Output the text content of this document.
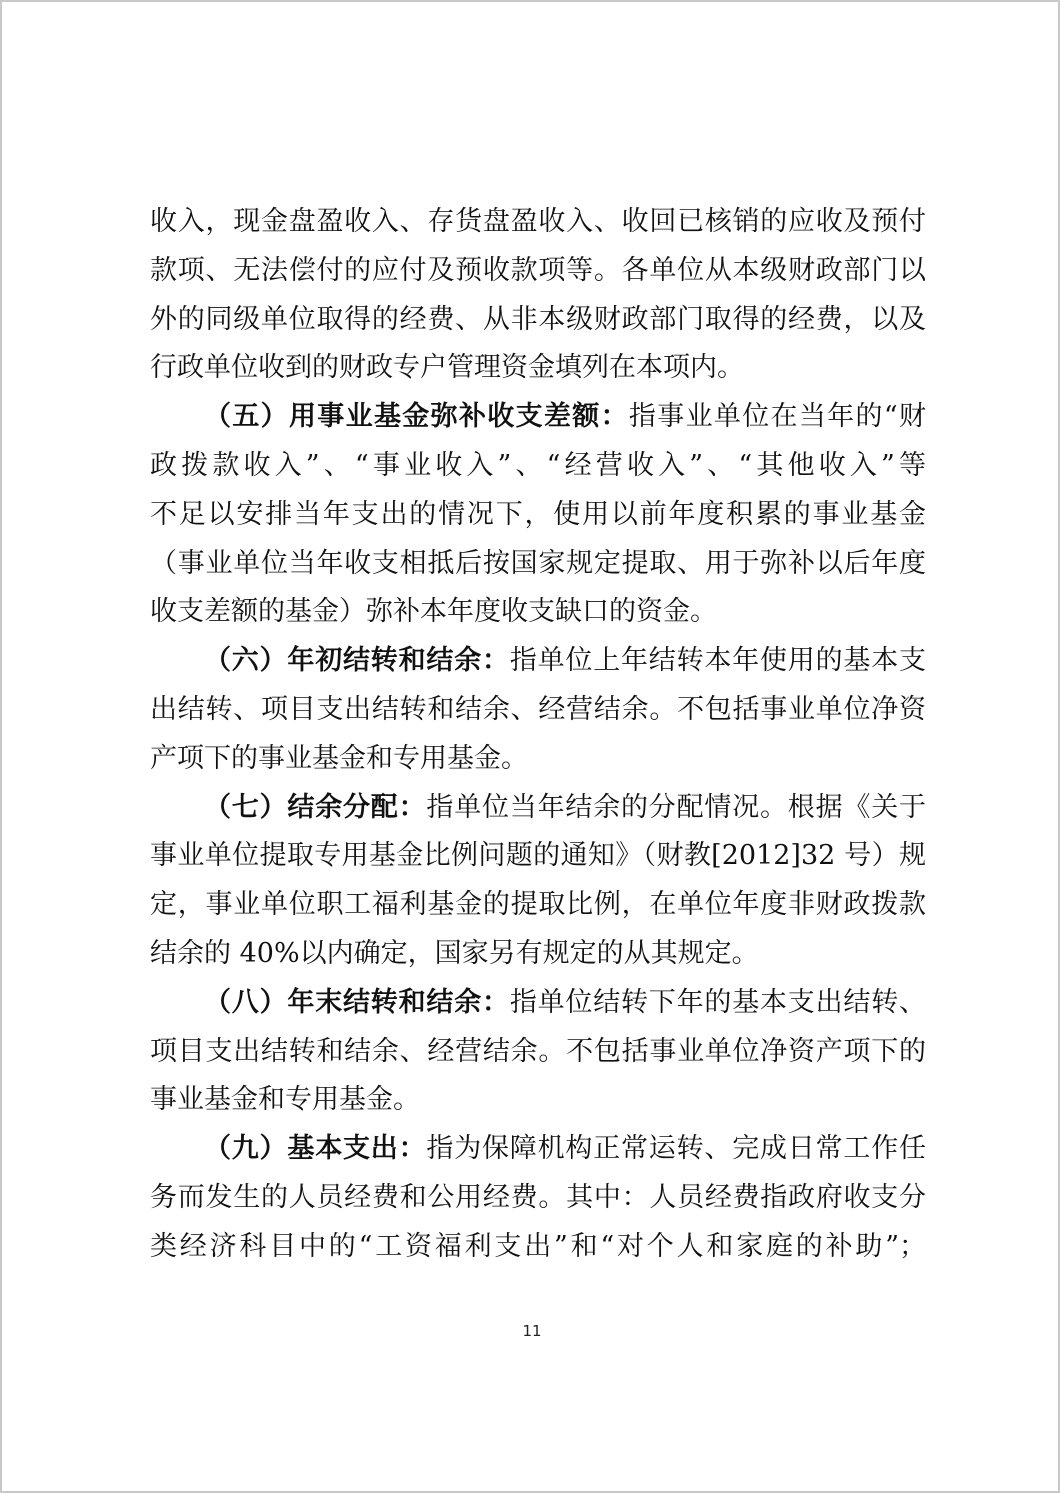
收入，现金盘盈收入、存货盘盈收入、收回已核销的应收及预付
款项、无法偿付的应付及预收款项等。各单位从本级财政部门以
外的同级单位取得的经费、从非本级财政部门取得的经费，以及
行政单位收到的财政专户管理资金填列在本项内。
（五）用事业基金弥补收支差额：指事业单位在当年的“财
政拨款收入”、“事业收入”、“经营收入”、“其他收入”等
不足以安排当年支出的情况下，使用以前年度积累的事业基金
（事业单位当年收支相抵后按国家规定提取、用于弥补以后年度
收支差额的基金）弥补本年度收支缺口的资金。
（六）年初结转和结余：指单位上年结转本年使用的基本支
出结转、项目支出结转和结余、经营结余。不包括事业单位净资
产项下的事业基金和专用基金。
（七）结余分配：指单位当年结余的分配情况。根据《关于
事业单位提取专用基金比例问题的通知》（财教[2012]32 号）规
定，事业单位职工福利基金的提取比例，在单位年度非财政拨款
结余的 40%以内确定，国家另有规定的从其规定。
（八）年末结转和结余：指单位结转下年的基本支出结转、
项目支出结转和结余、经营结余。不包括事业单位净资产项下的
事业基金和专用基金。
（九）基本支出：指为保障机构正常运转、完成日常工作任
务而发生的人员经费和公用经费。其中：人员经费指政府收支分
类经济科目中的“工资福利支出”和“对个人和家庭的补助”；
11
